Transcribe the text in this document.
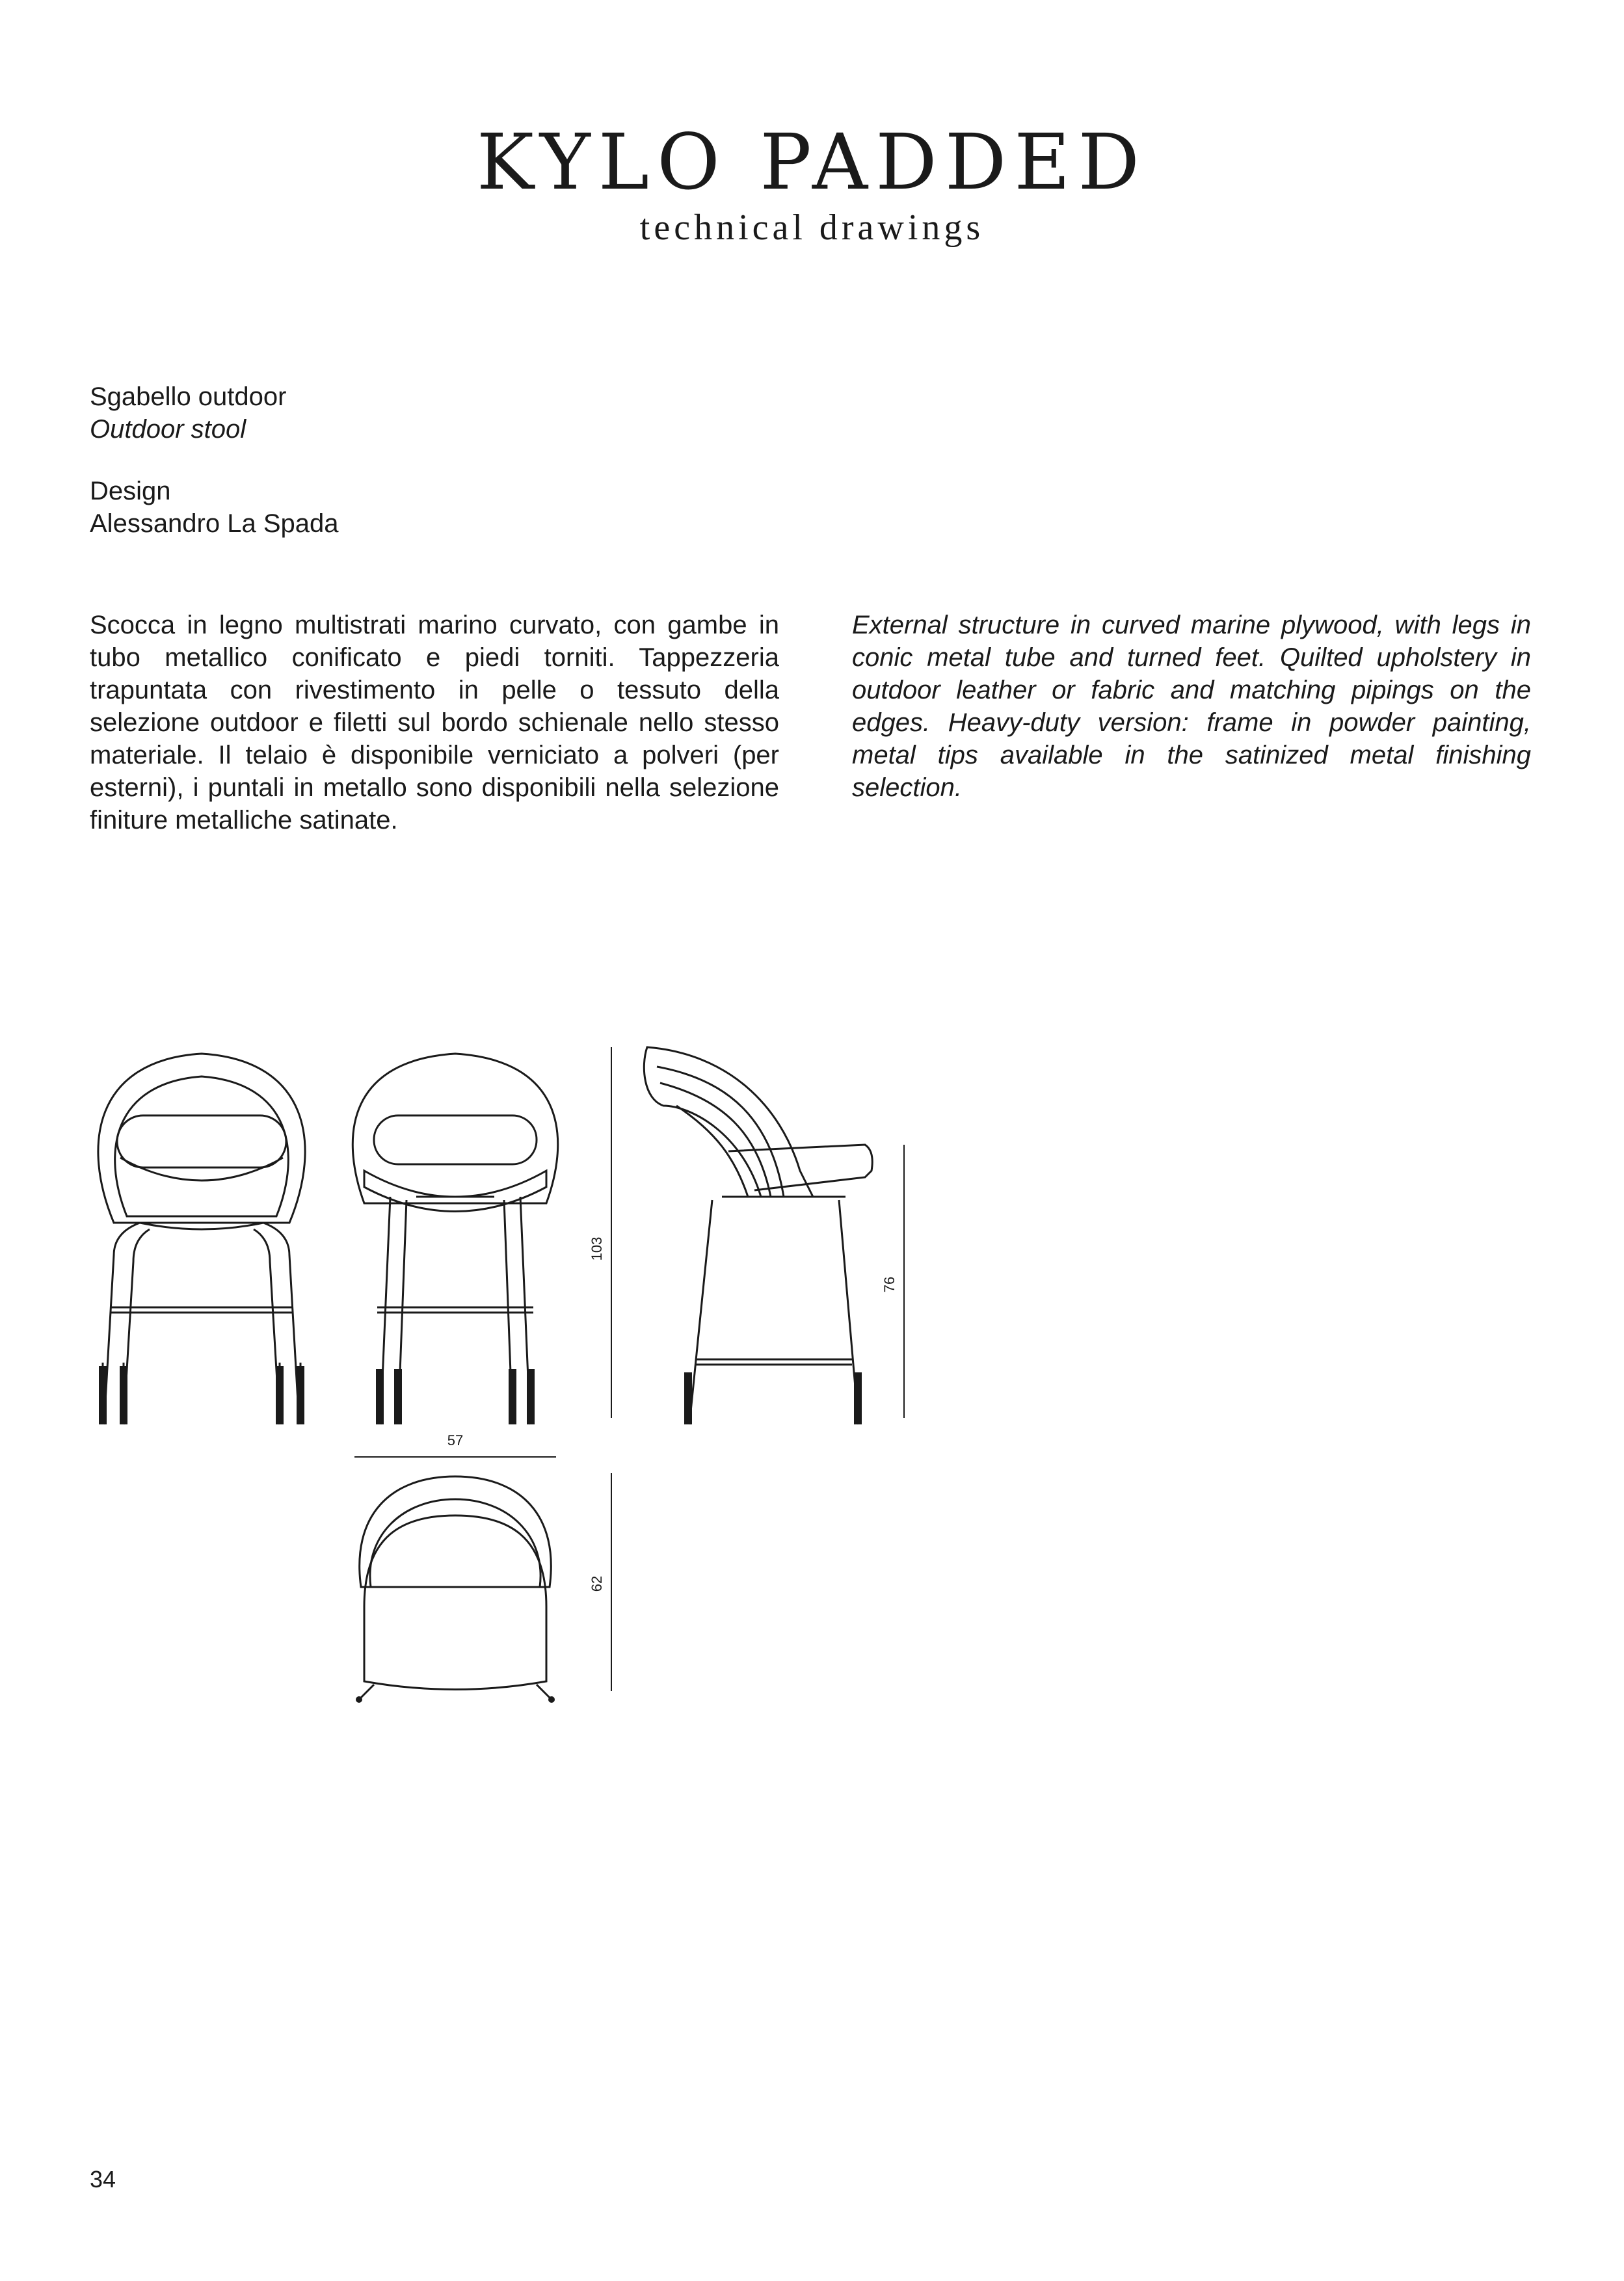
KYLO PADDED
technical drawings
Sgabello outdoor
Outdoor stool
Design
Alessandro La Spada

Scocca in legno multistrati marino curvato, con gambe in tubo metallico conificato e piedi torniti. Tappezzeria trapuntata con rivestimento in pelle o tessuto della selezione outdoor e filetti sul bordo schienale nello stesso materiale. Il telaio è disponibile verniciato a polveri (per esterni), i puntali in metallo sono disponibili nella selezione finiture metalliche satinate.

External structure in curved marine plywood, with legs in conic metal tube and turned feet. Quilted upholstery in outdoor leather or fabric and matching pipings on the edges. Heavy-duty version: frame in powder painting, metal tips available in the satinized metal finishing selection.

103
76
57
62
34
